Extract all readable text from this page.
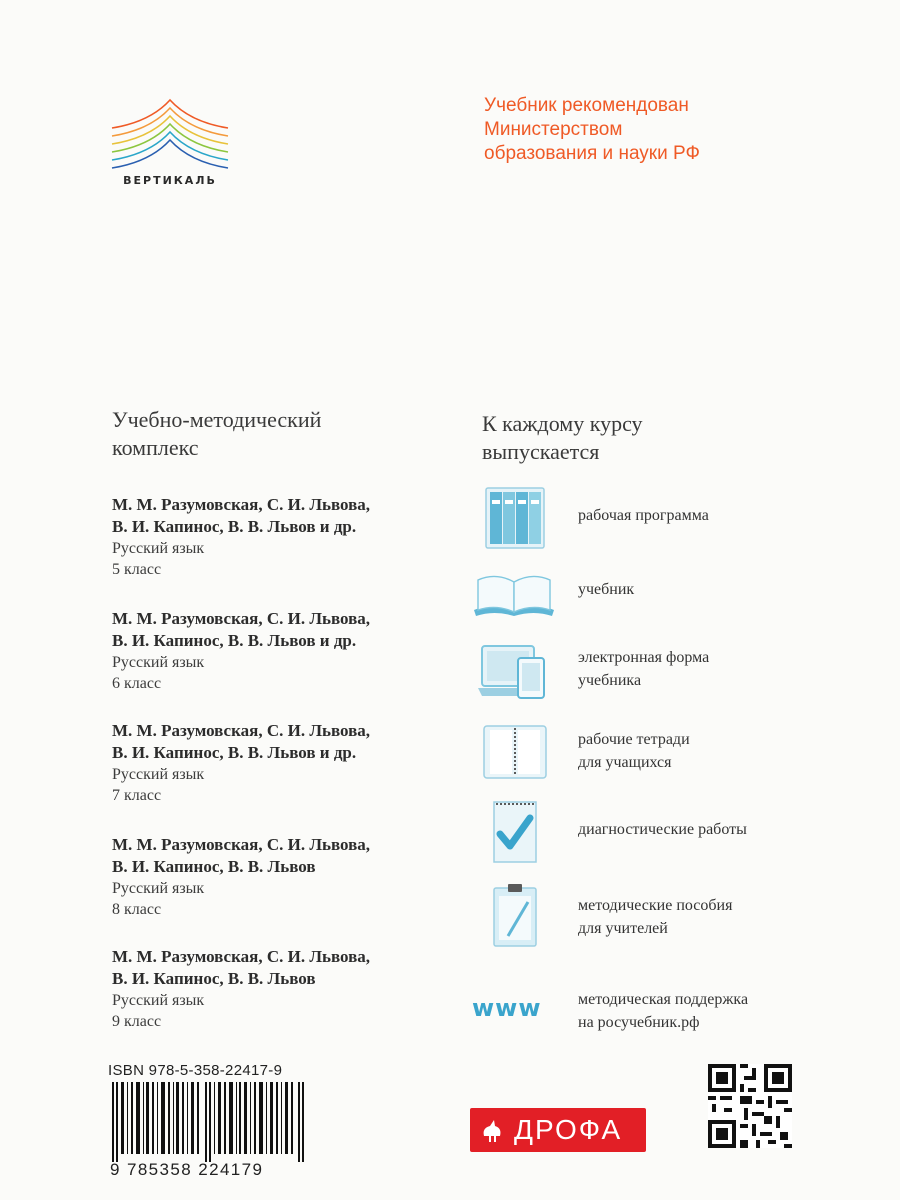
ВЕРТИКАЛЬ
Учебник рекомендован
Министерством
образования и науки РФ
Учебно-методический
комплекс
М. М. Разумовская, С. И. Львова,
В. И. Капинос, В. В. Львов и др.
Русский язык
5 класс
М. М. Разумовская, С. И. Львова,
В. И. Капинос, В. В. Львов и др.
Русский язык
6 класс
М. М. Разумовская, С. И. Львова,
В. И. Капинос, В. В. Львов и др.
Русский язык
7 класс
М. М. Разумовская, С. И. Львова,
В. И. Капинос, В. В. Львов
Русский язык
8 класс
М. М. Разумовская, С. И. Львова,
В. И. Капинос, В. В. Львов
Русский язык
9 класс
К каждому курсу
выпускается
рабочая программа
учебник
электронная форма
учебника
рабочие тетради
для учащихся
диагностические работы
методические пособия
для учителей
www	методическая поддержка
на росучебник.рф
ISBN 978-5-358-22417-9
9 785358 224179
ДРОФА
